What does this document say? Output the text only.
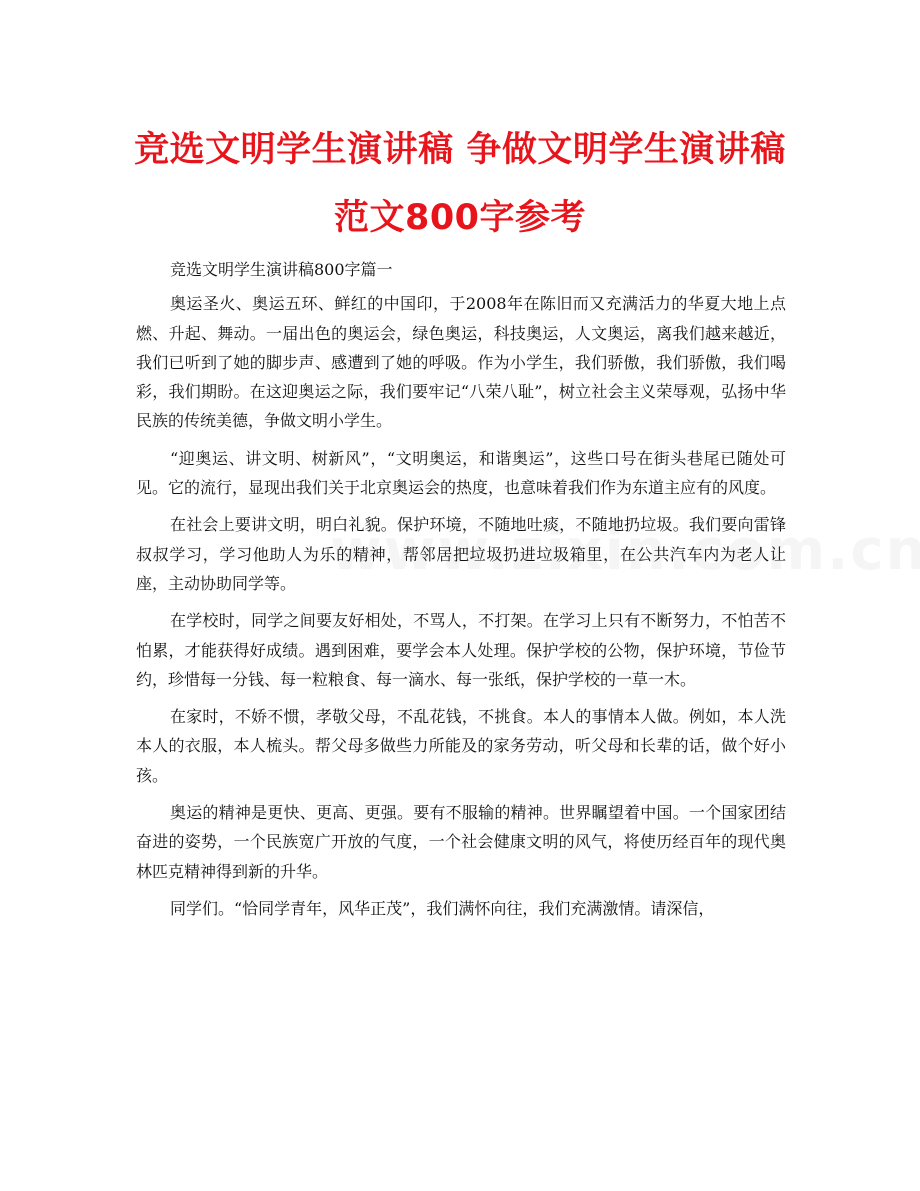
竞选文明学生演讲稿 争做文明学生演讲稿
范文800字参考

竞选文明学生演讲稿800字篇一

奥运圣火、奥运五环、鲜红的中国印，于2008年在陈旧而又充满活力的华夏大地上点燃、升起、舞动。一届出色的奥运会，绿色奥运，科技奥运，人文奥运，离我们越来越近，我们已听到了她的脚步声、感遭到了她的呼吸。作为小学生，我们骄傲，我们骄傲，我们喝彩，我们期盼。在这迎奥运之际，我们要牢记“八荣八耻”，树立社会主义荣辱观，弘扬中华民族的传统美德，争做文明小学生。

“迎奥运、讲文明、树新风”，“文明奥运，和谐奥运”，这些口号在街头巷尾已随处可见。它的流行，显现出我们关于北京奥运会的热度，也意味着我们作为东道主应有的风度。

在社会上要讲文明，明白礼貌。保护环境，不随地吐痰，不随地扔垃圾。我们要向雷锋叔叔学习，学习他助人为乐的精神，帮邻居把垃圾扔进垃圾箱里，在公共汽车内为老人让座，主动协助同学等。

在学校时，同学之间要友好相处，不骂人，不打架。在学习上只有不断努力，不怕苦不怕累，才能获得好成绩。遇到困难，要学会本人处理。保护学校的公物，保护环境，节俭节约，珍惜每一分钱、每一粒粮食、每一滴水、每一张纸，保护学校的一草一木。

在家时，不娇不惯，孝敬父母，不乱花钱，不挑食。本人的事情本人做。例如，本人洗本人的衣服，本人梳头。帮父母多做些力所能及的家务劳动，听父母和长辈的话，做个好小孩。

奥运的精神是更快、更高、更强。要有不服输的精神。世界瞩望着中国。一个国家团结奋进的姿势，一个民族宽广开放的气度，一个社会健康文明的风气，将使历经百年的现代奥林匹克精神得到新的升华。

同学们。“恰同学青年，风华正茂”，我们满怀向往，我们充满激情。请深信，
